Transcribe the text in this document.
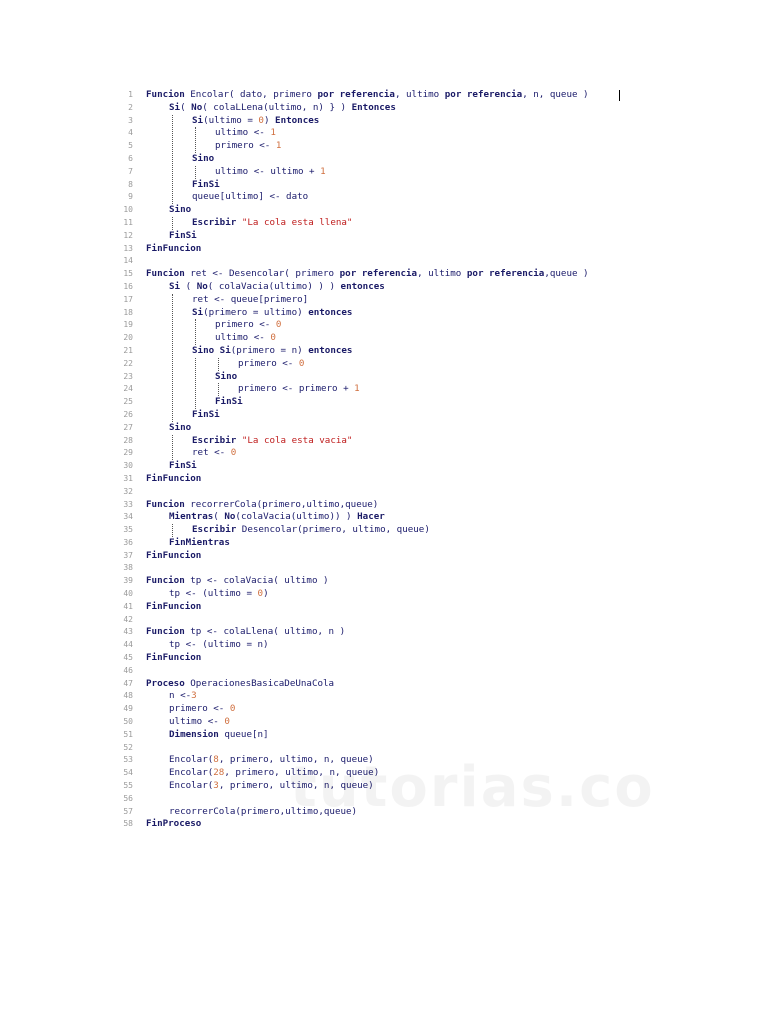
1 Funcion Encolar( dato, primero por referencia, ultimo por referencia, n, queue )
2	Si( No( colaLLena(ultimo, n) } ) Entonces
3	Si(ultimo = 0) Entonces
4	ultimo <- 1
5	primero <- 1
6	Sino
7	ultimo <- ultimo + 1
8	FinSi
9	queue[ultimo] <- dato
10	Sino
11	Escribir "La cola esta llena"
12	FinSi
13 FinFuncion
14
15 Funcion ret <- Desencolar( primero por referencia, ultimo por referencia,queue )
16	Si ( No( colaVacia(ultimo) ) ) entonces
17	ret <- queue[primero]
18	Si(primero = ultimo) entonces
19	primero <- 0
20	ultimo <- 0
21	Sino Si(primero = n) entonces
22	primero <- 0
23	Sino
24	primero <- primero + 1
25	FinSi
26	FinSi
27	Sino
28	Escribir "La cola esta vacia"
29	ret <- 0
30	FinSi
31 FinFuncion
32
33 Funcion recorrerCola(primero,ultimo,queue)
34	Mientras( No(colaVacia(ultimo)) ) Hacer
35	Escribir Desencolar(primero, ultimo, queue)
36	FinMientras
37 FinFuncion
38
39 Funcion tp <- colaVacia( ultimo )
40	tp <- (ultimo = 0)
41 FinFuncion
42
43 Funcion tp <- colaLlena( ultimo, n )
44	tp <- (ultimo = n)
45 FinFuncion
46
47 Proceso OperacionesBasicaDeUnaCola
48	n <-3
49	primero <- 0
50	ultimo <- 0
51	Dimension queue[n]
52
53	Encolar(8, primero, ultimo, n, queue)
54	Encolar(28, primero, ultimo, n, queue)
55	Encolar(3, primero, ultimo, n, queue)
56
57	recorrerCola(primero,ultimo,queue)
58 FinProceso
